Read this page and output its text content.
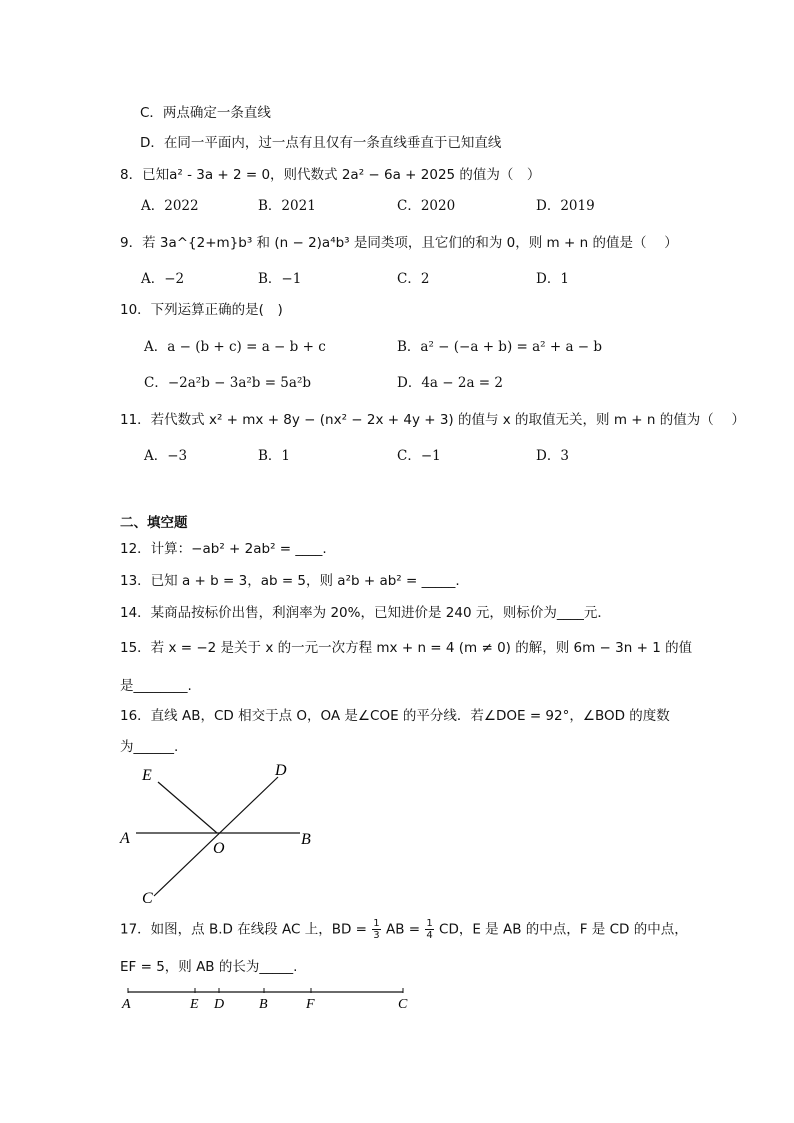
C．两点确定一条直线
D．在同一平面内，过一点有且仅有一条直线垂直于已知直线
8．已知a² - 3a + 2 = 0，则代数式 2a² − 6a + 2025 的值为（　）
A．2022	B．2021	C．2020	D．2019
9．若 3a^{2+m}b³ 和 (n − 2)a⁴b³ 是同类项，且它们的和为 0，则 m + n 的值是（　 ）
A．−2	B．−1	C．2	D．1
10．下列运算正确的是(　)
A．a − (b + c) = a − b + c	B．a² − (−a + b) = a² + a − b
C．−2a²b − 3a²b = 5a²b	D．4a − 2a = 2
11．若代数式 x² + mx + 8y − (nx² − 2x + 4y + 3) 的值与 x 的取值无关，则 m + n 的值为（　 ）
A．−3	B．1	C．−1	D．3
二、填空题
12．计算：−ab² + 2ab² = ____.
13．已知 a + b = 3，ab = 5，则 a²b + ab² = _____.
14．某商品按标价出售，利润率为 20%，已知进价是 240 元，则标价为____元．
15．若 x = −2 是关于 x 的一元一次方程 mx + n = 4 (m ≠ 0) 的解，则 6m − 3n + 1 的值
是________.
16．直线 AB，CD 相交于点 O，OA 是∠COE 的平分线．若∠DOE = 92°，∠BOD 的度数
为______.
E	D
A
O
B
C
17．如图，点 B.D 在线段 AC 上，BD = $\frac{1}{3}$ AB = $\frac{1}{4}$ CD，E 是 AB 的中点，F 是 CD 的中点，
EF = 5，则 AB 的长为_____.
A	E D B	F	C
